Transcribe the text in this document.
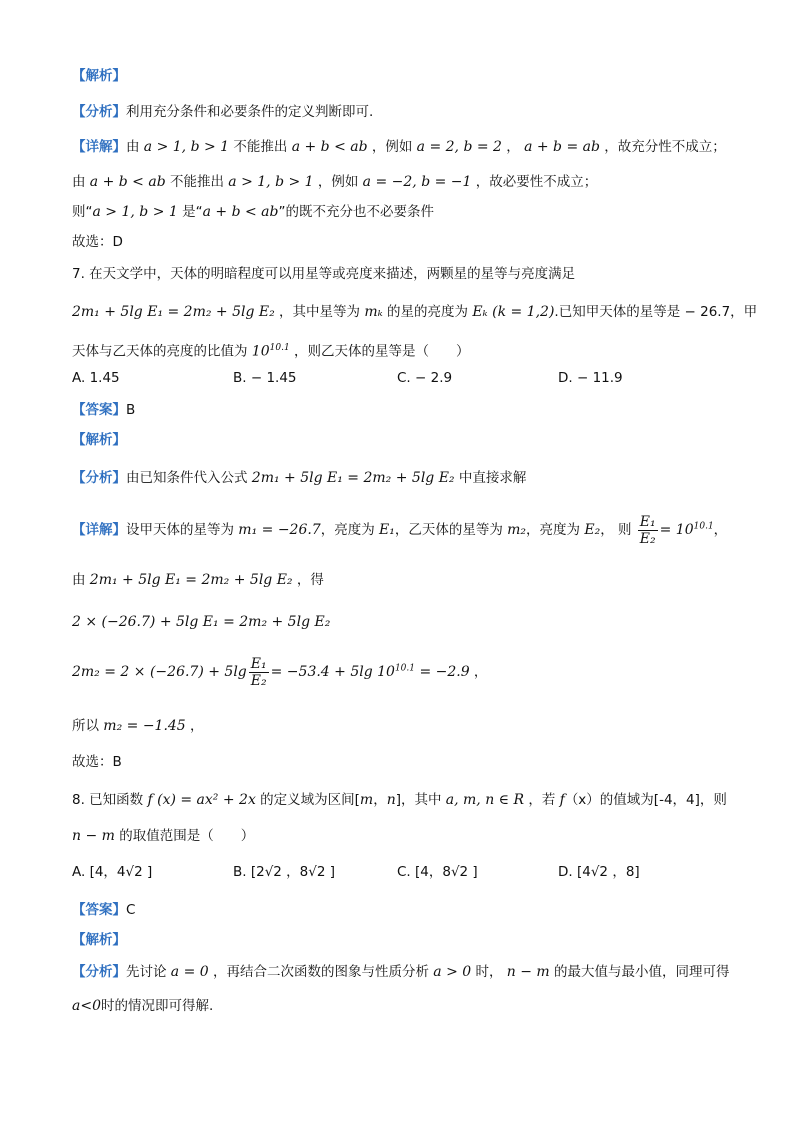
【解析】
【分析】利用充分条件和必要条件的定义判断即可.
【详解】由 a > 1, b > 1 不能推出 a + b < ab ，例如 a = 2, b = 2 ， a + b = ab ，故充分性不成立；
由 a + b < ab 不能推出 a > 1, b > 1 ，例如 a = −2, b = −1 ，故必要性不成立；
则“a > 1, b > 1 是“a + b < ab”的既不充分也不必要条件
故选：D
7. 在天文学中，天体的明暗程度可以用星等或亮度来描述，两颗星的星等与亮度满足
2m₁ + 5lg E₁ = 2m₂ + 5lg E₂ ，其中星等为 mₖ 的星的亮度为 Eₖ (k = 1,2).已知甲天体的星等是 − 26.7，甲
天体与乙天体的亮度的比值为 $10^{10.1}$ ，则乙天体的星等是（　　）
A. 1.45	B. − 1.45	C. − 2.9	D. − 11.9
【答案】B
【解析】
【分析】由已知条件代入公式 2m₁ + 5lg E₁ = 2m₂ + 5lg E₂ 中直接求解
【详解】设甲天体的星等为 m₁ = −26.7，亮度为 E₁，乙天体的星等为 m₂，亮度为 E₂， 则 $\frac{\text{E₁}}{\text{E₂}} = 10^{10.1}$，
由 2m₁ + 5lg E₁ = 2m₂ + 5lg E₂ ，得
2 × (−26.7) + 5lg E₁ = 2m₂ + 5lg E₂
$2m_2 = 2 \times (-26.7) + 5\lg \frac{\text{E₁}}{\text{E₂}} = -53.4 + 5\lg$ $10^{10.1} = -2.9$ ，
所以 m₂ = −1.45 ，
故选：B
8. 已知函数 f (x) = ax² + 2x 的定义域为区间[m，n]，其中 a, m, n ∈ R ，若 f（x）的值域为[-4，4]，则
n − m 的取值范围是（　　）
A. [4，4√2 ]	B. [2√2 ，8√2 ]	C. [4，8√2 ]	D. [4√2 ，8]
【答案】C
【解析】
【分析】先讨论 a = 0 ，再结合二次函数的图象与性质分析 a > 0 时， n − m 的最大值与最小值，同理可得
a<0时的情况即可得解.
